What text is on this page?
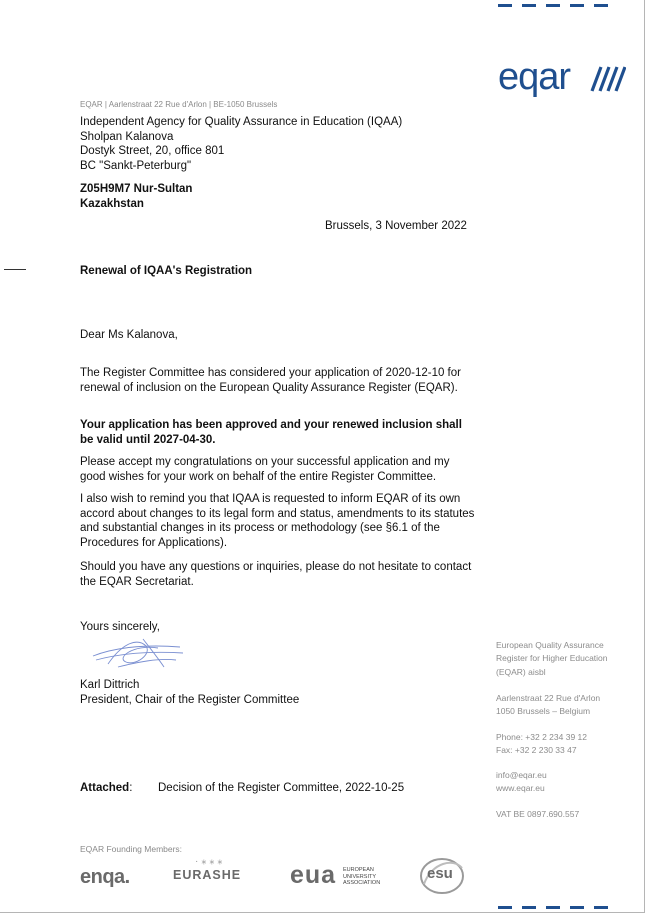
eqar
EQAR | Aarlenstraat 22 Rue d'Arlon | BE-1050 Brussels
Independent Agency for Quality Assurance in Education (IQAA)
Sholpan Kalanova
Dostyk Street, 20, office 801
BC "Sankt-Peterburg"
Z05H9M7 Nur-Sultan
Kazakhstan
Brussels, 3 November 2022
Renewal of IQAA's Registration
Dear Ms Kalanova,
The Register Committee has considered your application of 2020-12-10 for renewal of inclusion on the European Quality Assurance Register (EQAR).
Your application has been approved and your renewed inclusion shall be valid until 2027-04-30.
Please accept my congratulations on your successful application and my good wishes for your work on behalf of the entire Register Committee.
I also wish to remind you that IQAA is requested to inform EQAR of its own accord about changes to its legal form and status, amendments to its statutes and substantial changes in its process or methodology (see §6.1 of the Procedures for Applications).
Should you have any questions or inquiries, please do not hesitate to contact the EQAR Secretariat.
Yours sincerely,
Karl Dittrich
President, Chair of the Register Committee
Attached: Decision of the Register Committee, 2022-10-25
European Quality Assurance
Register for Higher Education
(EQAR) aisbl
Aarlenstraat 22 Rue d'Arlon
1050 Brussels – Belgium
Phone: +32 2 234 39 12
Fax: +32 2 230 33 47
info@eqar.eu
www.eqar.eu
VAT BE 0897.690.557
EQAR Founding Members:
enqa.
·⁎⁎⁎
EURASHE eua EUROPEAN
UNIVERSITY
ASSOCIATION
esu
